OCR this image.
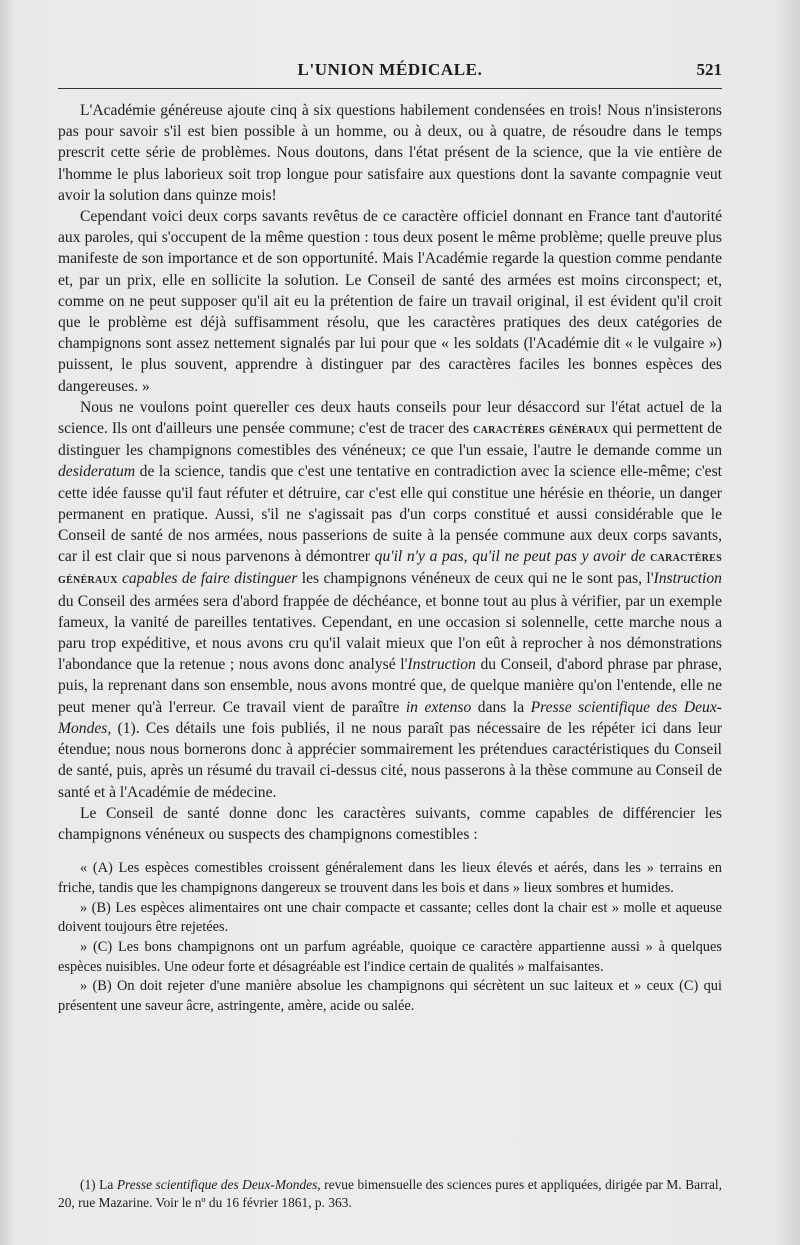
L'UNION MÉDICALE.	521

L'Académie généreuse ajoute cinq à six questions habilement condensées en trois! Nous n'insisterons pas pour savoir s'il est bien possible à un homme, ou à deux, ou à quatre, de résoudre dans le temps prescrit cette série de problèmes. Nous doutons, dans l'état présent de la science, que la vie entière de l'homme le plus laborieux soit trop longue pour satisfaire aux questions dont la savante compagnie veut avoir la solution dans quinze mois!

Cependant voici deux corps savants revêtus de ce caractère officiel donnant en France tant d'autorité aux paroles, qui s'occupent de la même question : tous deux posent le même problème; quelle preuve plus manifeste de son importance et de son opportunité. Mais l'Académie regarde la question comme pendante et, par un prix, elle en sollicite la solution. Le Conseil de santé des armées est moins circonspect; et, comme on ne peut supposer qu'il ait eu la prétention de faire un travail original, il est évident qu'il croit que le problème est déjà suffisamment résolu, que les caractères pratiques des deux catégories de champignons sont assez nettement signalés par lui pour que « les soldats (l'Académie dit « le vulgaire ») puissent, le plus souvent, apprendre à distinguer par des caractères faciles les bonnes espèces des dangereuses. »

Nous ne voulons point quereller ces deux hauts conseils pour leur désaccord sur l'état actuel de la science. Ils ont d'ailleurs une pensée commune; c'est de tracer des caractères généraux qui permettent de distinguer les champignons comestibles des vénéneux; ce que l'un essaie, l'autre le demande comme un desideratum de la science, tandis que c'est une tentative en contradiction avec la science elle-même; c'est cette idée fausse qu'il faut réfuter et détruire, car c'est elle qui constitue une hérésie en théorie, un danger permanent en pratique. Aussi, s'il ne s'agissait pas d'un corps constitué et aussi considérable que le Conseil de santé de nos armées, nous passerions de suite à la pensée commune aux deux corps savants, car il est clair que si nous parvenons à démontrer qu'il n'y a pas, qu'il ne peut pas y avoir de caractères généraux capables de faire distinguer les champignons vénéneux de ceux qui ne le sont pas, l'Instruction du Conseil des armées sera d'abord frappée de déchéance, et bonne tout au plus à vérifier, par un exemple fameux, la vanité de pareilles tentatives. Cependant, en une occasion si solennelle, cette marche nous a paru trop expéditive, et nous avons cru qu'il valait mieux que l'on eût à reprocher à nos démonstrations l'abondance que la retenue ; nous avons donc analysé l'Instruction du Conseil, d'abord phrase par phrase, puis, la reprenant dans son ensemble, nous avons montré que, de quelque manière qu'on l'entende, elle ne peut mener qu'à l'erreur. Ce travail vient de paraître in extenso dans la Presse scientifique des Deux-Mondes, (1). Ces détails une fois publiés, il ne nous paraît pas nécessaire de les répéter ici dans leur étendue; nous nous bornerons donc à apprécier sommairement les prétendues caractéristiques du Conseil de santé, puis, après un résumé du travail ci-dessus cité, nous passerons à la thèse commune au Conseil de santé et à l'Académie de médecine.

Le Conseil de santé donne donc les caractères suivants, comme capables de différencier les champignons vénéneux ou suspects des champignons comestibles :

« (A) Les espèces comestibles croissent généralement dans les lieux élevés et aérés, dans les » terrains en friche, tandis que les champignons dangereux se trouvent dans les bois et dans » lieux sombres et humides.

» (B) Les espèces alimentaires ont une chair compacte et cassante; celles dont la chair est » molle et aqueuse doivent toujours être rejetées.

» (C) Les bons champignons ont un parfum agréable, quoique ce caractère appartienne aussi » à quelques espèces nuisibles. Une odeur forte et désagréable est l'indice certain de qualités » malfaisantes.

» (B) On doit rejeter d'une manière absolue les champignons qui sécrètent un suc laiteux et » ceux (C) qui présentent une saveur âcre, astringente, amère, acide ou salée.

(1) La Presse scientifique des Deux-Mondes, revue bimensuelle des sciences pures et appliquées, dirigée par M. Barral, 20, rue Mazarine. Voir le nº du 16 février 1861, p. 363.
